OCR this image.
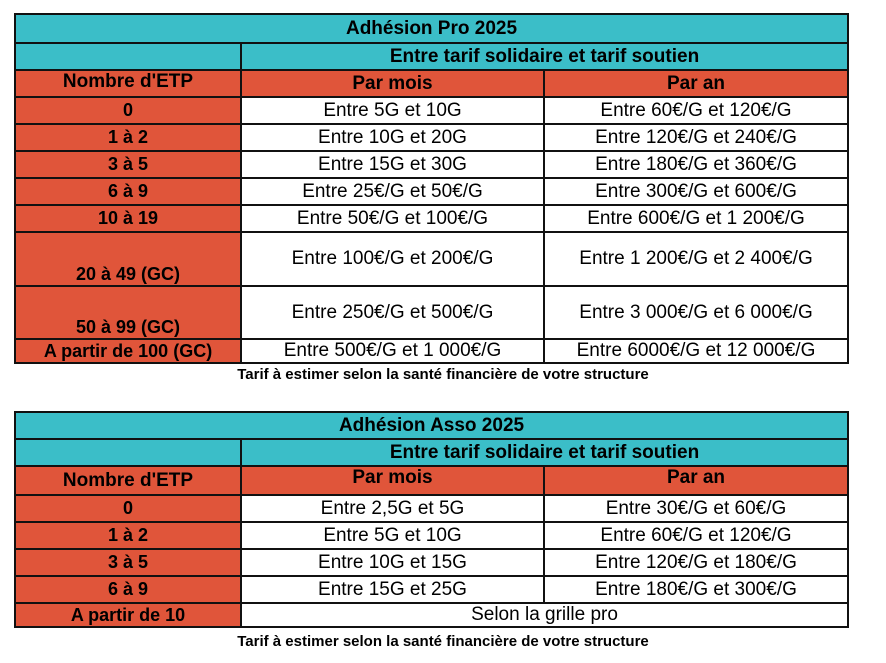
Adhésion Pro 2025		
	Entre tarif solidaire et tarif soutien	
Nombre d'ETP	Par mois	Par an
0	Entre 5G et 10G	Entre 60€/G et 120€/G
1 à 2	Entre 10G et 20G	Entre 120€/G et 240€/G
3 à 5	Entre 15G et 30G	Entre 180€/G et 360€/G
6 à 9	Entre 25€/G et 50€/G	Entre 300€/G et 600€/G
10 à 19	Entre 50€/G et 100€/G	Entre 600€/G et 1 200€/G
20 à 49 (GC)	Entre 100€/G et 200€/G	Entre 1 200€/G et 2 400€/G
50 à 99 (GC)	Entre 250€/G et 500€/G	Entre 3 000€/G et 6 000€/G
A partir de 100 (GC)	Entre 500€/G et 1 000€/G	Entre 6000€/G et 12 000€/G
Tarif à estimer selon la santé financière de votre structure
Adhésion Asso 2025		
	Entre tarif solidaire et tarif soutien	
Nombre d'ETP	Par mois	Par an
0	Entre 2,5G et 5G	Entre 30€/G et 60€/G
1 à 2	Entre 5G et 10G	Entre 60€/G et 120€/G
3 à 5	Entre 10G et 15G	Entre 120€/G et 180€/G
6 à 9	Entre 15G et 25G	Entre 180€/G et 300€/G
A partir de 10	Selon la grille pro	
Tarif à estimer selon la santé financière de votre structure
